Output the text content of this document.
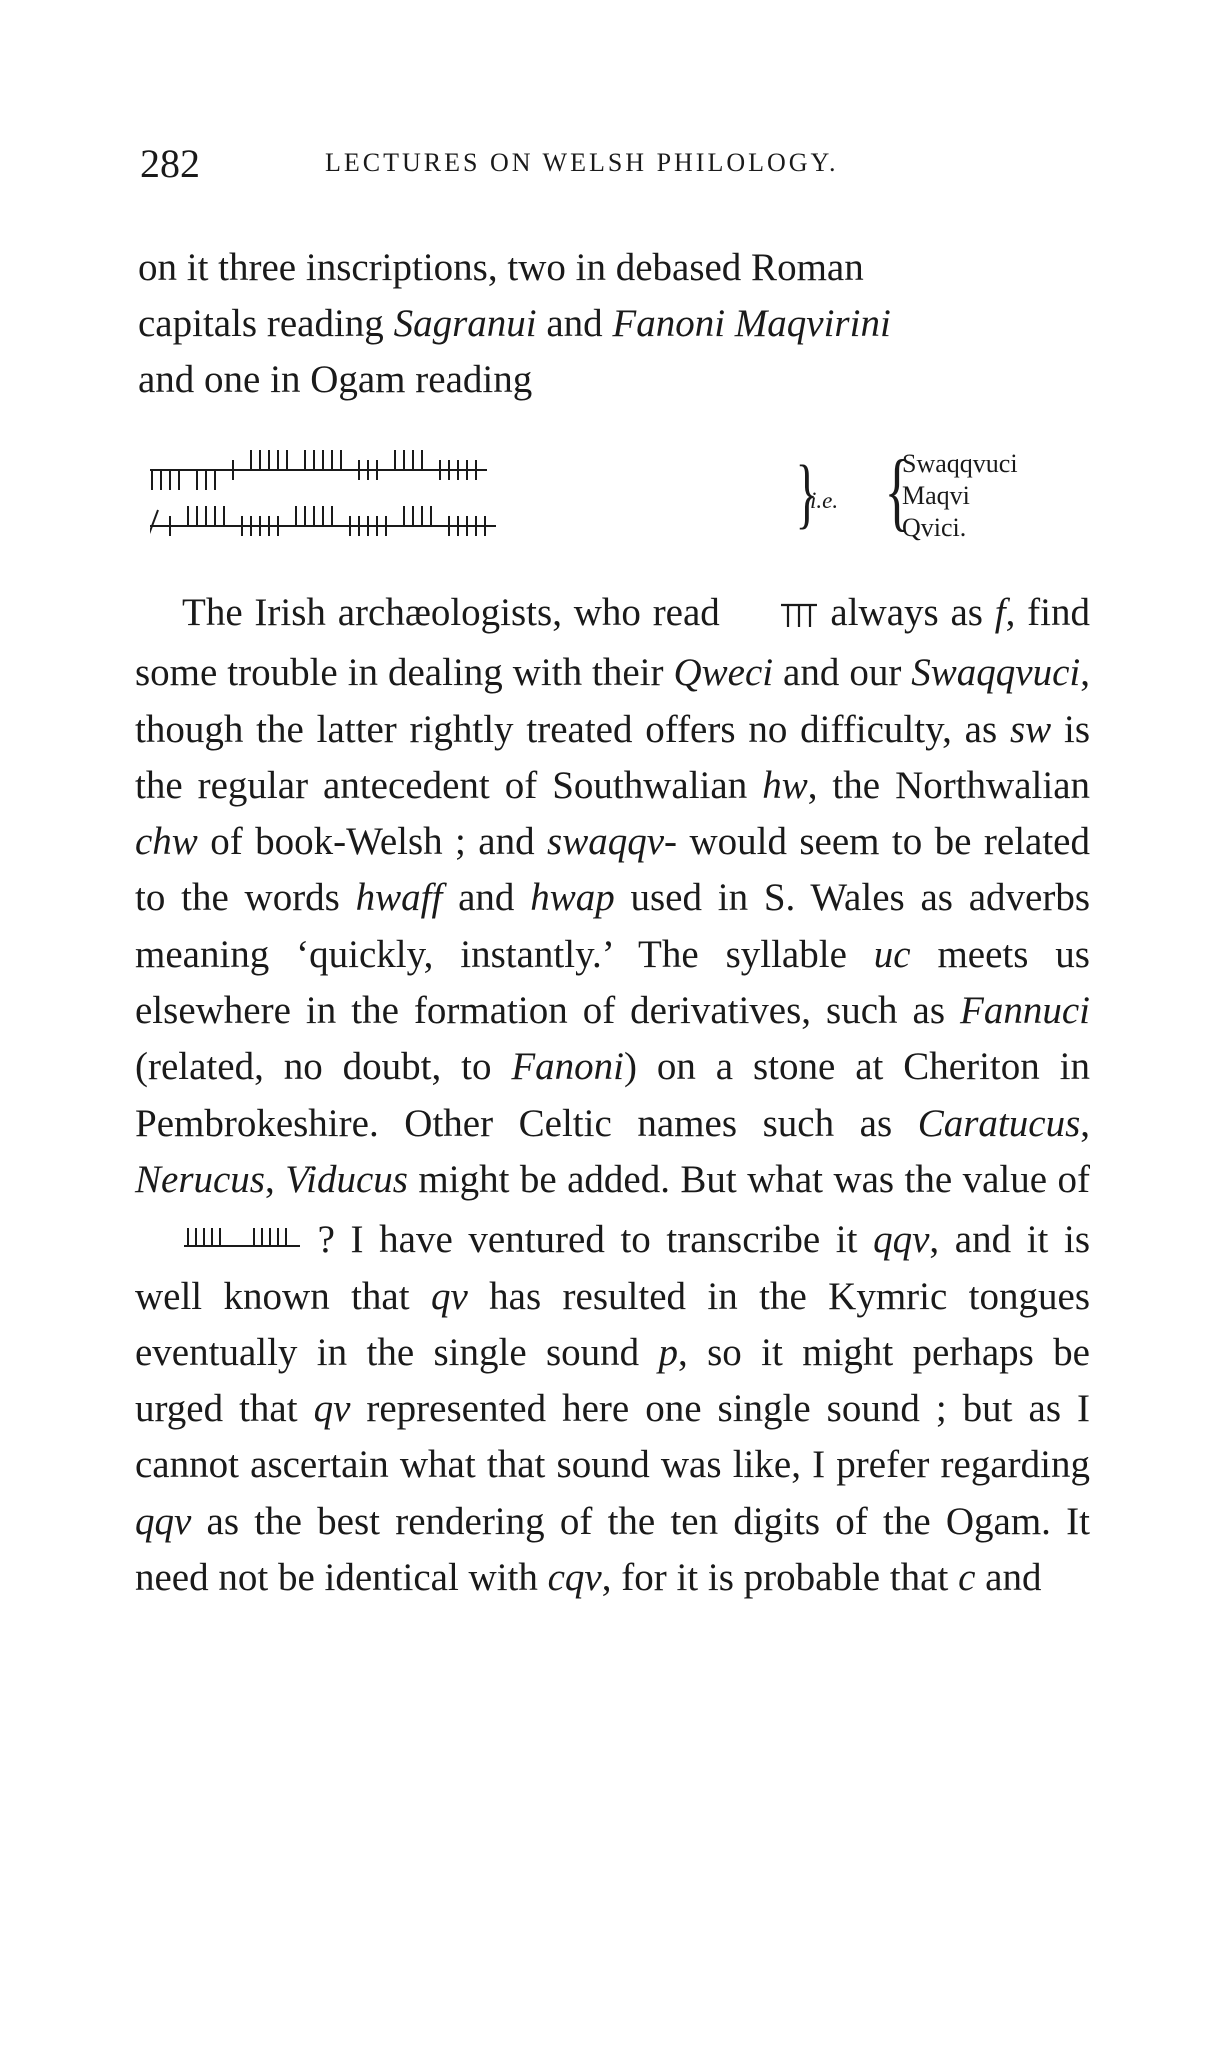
282	LECTURES ON WELSH PHILOLOGY.
on it three inscriptions, two in debased Roman
capitals reading Sagranui and Fanoni Maqvirini
and one in Ogam reading
}
i.e. {
Swaqqvuci
Maqvi
Qvici.

The Irish archæologists, who read  always as f, find some trouble in dealing with their Qweci and our Swaqqvuci, though the latter rightly treated offers no difficulty, as sw is the regular antecedent of Southwalian hw, the Northwalian chw of book-Welsh ; and swaqqv- would seem to be related to the words hwaff and hwap used in S. Wales as adverbs meaning ‘quickly, instantly.’ The syllable uc meets us elsewhere in the formation of derivatives, such as Fannuci (related, no doubt, to Fanoni) on a stone at Cheriton in Pembrokeshire. Other Celtic names such as Caratucus, Nerucus, Viducus might be added. But what was the value of  ? I have ventured to transcribe it qqv, and it is well known that qv has resulted in the Kymric tongues eventually in the single sound p, so it might perhaps be urged that qv represented here one single sound ; but as I cannot ascertain what that sound was like, I prefer regarding qqv as the best rendering of the ten digits of the Ogam. It need not be identical with cqv, for it is probable that c and
